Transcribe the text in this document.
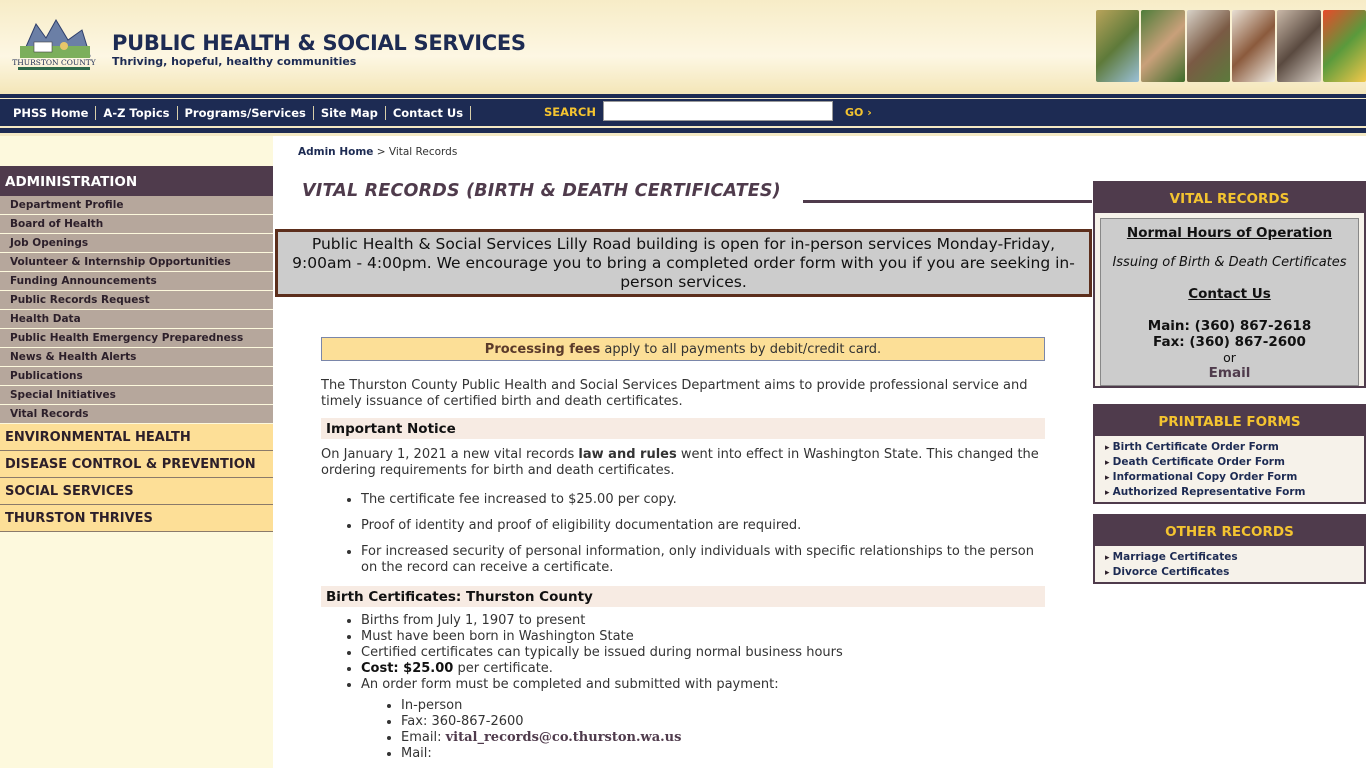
THURSTON COUNTY
PUBLIC HEALTH & SOCIAL SERVICES
Thriving, hopeful, healthy communities
PHSS Home	A-Z Topics	Programs/Services	Site Map	Contact Us	SEARCH	GO ›
ADMINISTRATION
Department Profile
Board of Health
Job Openings
Volunteer & Internship Opportunities
Funding Announcements
Public Records Request
Health Data
Public Health Emergency Preparedness
News & Health Alerts
Publications
Special Initiatives
Vital Records
ENVIRONMENTAL HEALTH
DISEASE CONTROL & PREVENTION
SOCIAL SERVICES
THURSTON THRIVES
Admin Home > Vital Records
VITAL RECORDS (BIRTH & DEATH CERTIFICATES)
Public Health & Social Services Lilly Road building is open for in-person services Monday-Friday, 9:00am - 4:00pm. We encourage you to bring a completed order form with you if you are seeking in-person services.
Processing fees apply to all payments by debit/credit card.

The Thurston County Public Health and Social Services Department aims to provide professional service and timely issuance of certified birth and death certificates.

Important Notice

On January 1, 2021 a new vital records law and rules went into effect in Washington State. This changed the ordering requirements for birth and death certificates.

• The certificate fee increased to $25.00 per copy.
• Proof of identity and proof of eligibility documentation are required.
• For increased security of personal information, only individuals with specific relationships to the person on the record can receive a certificate.
Birth Certificates: Thurston County
• Births from July 1, 1907 to present
• Must have been born in Washington State
• Certified certificates can typically be issued during normal business hours
• Cost: $25.00 per certificate.
• An order form must be completed and submitted with payment:
• In-person
• Fax: 360-867-2600
• Email: vital_records@co.thurston.wa.us
• Mail:
VITAL RECORDS
Normal Hours of Operation
Issuing of Birth & Death Certificates
Contact Us
Main: (360) 867-2618
Fax: (360) 867-2600
or
Email
PRINTABLE FORMS
▸ Birth Certificate Order Form
▸ Death Certificate Order Form
▸ Informational Copy Order Form
▸ Authorized Representative Form
OTHER RECORDS
▸ Marriage Certificates
▸ Divorce Certificates
